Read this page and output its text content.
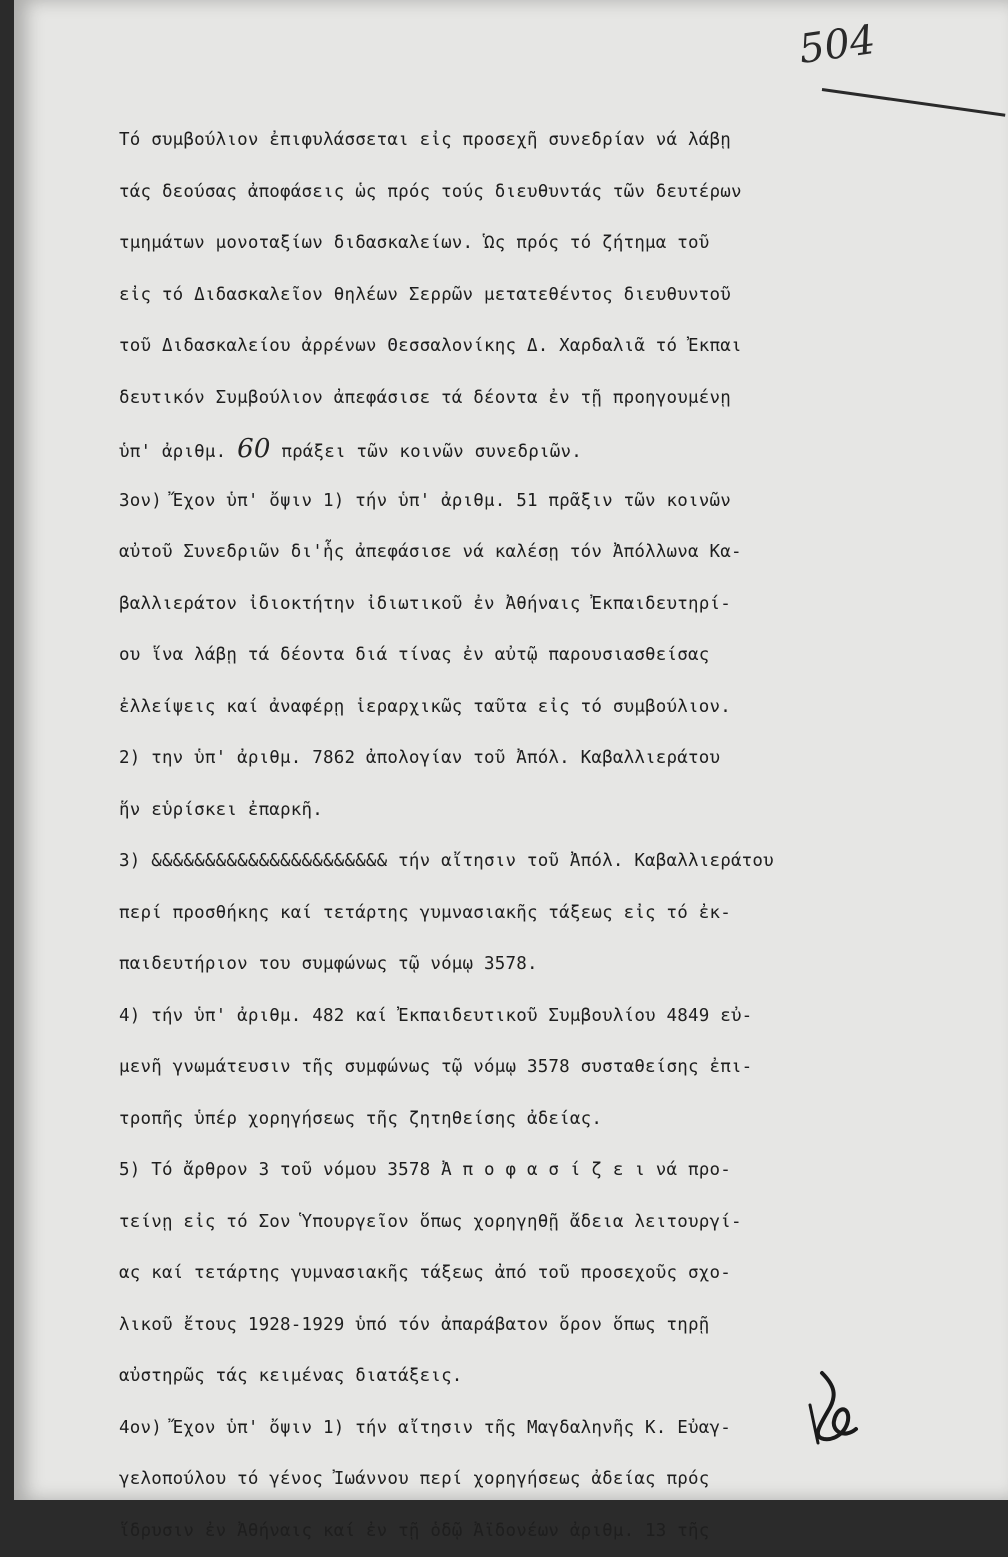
504
Τό συμβούλιον ἐπιφυλάσσεται εἰς προσεχῆ συνεδρίαν νά λάβῃ
τάς δεούσας ἀποφάσεις ὡς πρός τούς διευθυντάς τῶν δευτέρων
τμημάτων μονοταξίων διδασκαλείων. Ὡς πρός τό ζήτημα τοῦ
εἰς τό Διδασκαλεῖον θηλέων Σερρῶν μετατεθέντος διευθυντοῦ
τοῦ Διδασκαλείου ἀρρένων Θεσσαλονίκης Δ. Χαρδαλιᾶ τό Ἐκπαι
δευτικόν Συμβούλιον ἀπεφάσισε τά δέοντα ἐν τῇ προηγουμένῃ
ὑπ' ἀριθμ. 60 πράξει τῶν κοινῶν συνεδριῶν.
3ον) Ἔχον ὑπ' ὄψιν 1) τήν ὑπ' ἀριθμ. 51 πρᾶξιν τῶν κοινῶν
αὐτοῦ Συνεδριῶν δι'ἧς ἀπεφάσισε νά καλέσῃ τόν Ἀπόλλωνα Κα-
βαλλιεράτον ἰδιοκτήτην ἰδιωτικοῦ ἐν Ἀθήναις Ἐκπαιδευτηρί-
ου ἵνα λάβῃ τά δέοντα διά τίνας ἐν αὐτῷ παρουσιασθείσας
ἐλλείψεις καί ἀναφέρῃ ἱεραρχικῶς ταῦτα εἰς τό συμβούλιον.
2) την ὑπ' ἀριθμ. 7862 ἀπολογίαν τοῦ Ἀπόλ. Καβαλλιεράτου
ἥν εὑρίσκει ἐπαρκῆ.
3) &&&&&&&&&&&&&&&&&&&&&& τήν αἴτησιν τοῦ Ἀπόλ. Καβαλλιεράτου
περί προσθήκης καί τετάρτης γυμνασιακῆς τάξεως εἰς τό ἐκ-
παιδευτήριον του συμφώνως τῷ νόμῳ 3578.
4) τήν ὑπ' ἀριθμ. 482 καί Ἐκπαιδευτικοῦ Συμβουλίου 4849 εὐ-
μενῆ γνωμάτευσιν τῆς συμφώνως τῷ νόμῳ 3578 συσταθείσης ἐπι-
τροπῆς ὑπέρ χορηγήσεως τῆς ζητηθείσης ἀδείας.
5) Τό ἄρθρον 3 τοῦ νόμου 3578 Ἀ π ο φ α σ ί ζ ε ι νά προ-
τείνῃ εἰς τό Σον Ὑπουργεῖον ὅπως χορηγηθῇ ἄδεια λειτουργί-
ας καί τετάρτης γυμνασιακῆς τάξεως ἀπό τοῦ προσεχοῦς σχο-
λικοῦ ἔτους 1928-1929 ὑπό τόν ἀπαράβατον ὅρον ὅπως τηρῇ
αὐστηρῶς τάς κειμένας διατάξεις.
4ον) Ἔχον ὑπ' ὄψιν 1) τήν αἴτησιν τῆς Μαγδαληνῆς Κ. Εὐαγ-
γελοπούλου τό γένος Ἰωάννου περί χορηγήσεως ἀδείας πρός
ἵδρυσιν ἐν Ἀθήναις καί ἐν τῇ ὁδῷ Ἀϊδονέων ἀριθμ. 13 τῆς
